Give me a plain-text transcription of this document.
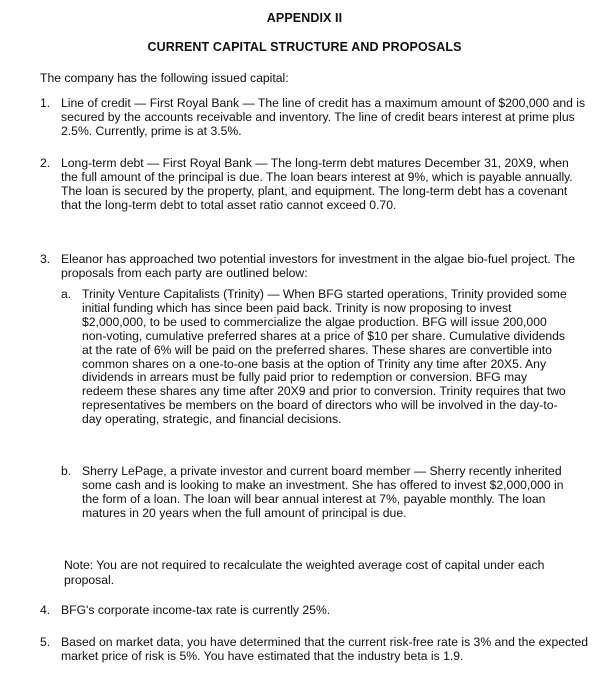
APPENDIX II
CURRENT CAPITAL STRUCTURE AND PROPOSALS
The company has the following issued capital:
1. Line of credit — First Royal Bank — The line of credit has a maximum amount of $200,000 and is secured by the accounts receivable and inventory. The line of credit bears interest at prime plus 2.5%. Currently, prime is at 3.5%.
2. Long-term debt — First Royal Bank — The long-term debt matures December 31, 20X9, when the full amount of the principal is due. The loan bears interest at 9%, which is payable annually. The loan is secured by the property, plant, and equipment. The long-term debt has a covenant that the long-term debt to total asset ratio cannot exceed 0.70.
3. Eleanor has approached two potential investors for investment in the algae bio-fuel project. The proposals from each party are outlined below:
a. Trinity Venture Capitalists (Trinity) — When BFG started operations, Trinity provided some initial funding which has since been paid back. Trinity is now proposing to invest $2,000,000, to be used to commercialize the algae production. BFG will issue 200,000 non-voting, cumulative preferred shares at a price of $10 per share. Cumulative dividends at the rate of 6% will be paid on the preferred shares. These shares are convertible into common shares on a one-to-one basis at the option of Trinity any time after 20X5. Any dividends in arrears must be fully paid prior to redemption or conversion. BFG may redeem these shares any time after 20X9 and prior to conversion. Trinity requires that two representatives be members on the board of directors who will be involved in the day-to-day operating, strategic, and financial decisions.
b. Sherry LePage, a private investor and current board member — Sherry recently inherited some cash and is looking to make an investment. She has offered to invest $2,000,000 in the form of a loan. The loan will bear annual interest at 7%, payable monthly. The loan matures in 20 years when the full amount of principal is due.
Note: You are not required to recalculate the weighted average cost of capital under each proposal.
4. BFG's corporate income-tax rate is currently 25%.
5. Based on market data, you have determined that the current risk-free rate is 3% and the expected market price of risk is 5%. You have estimated that the industry beta is 1.9.
